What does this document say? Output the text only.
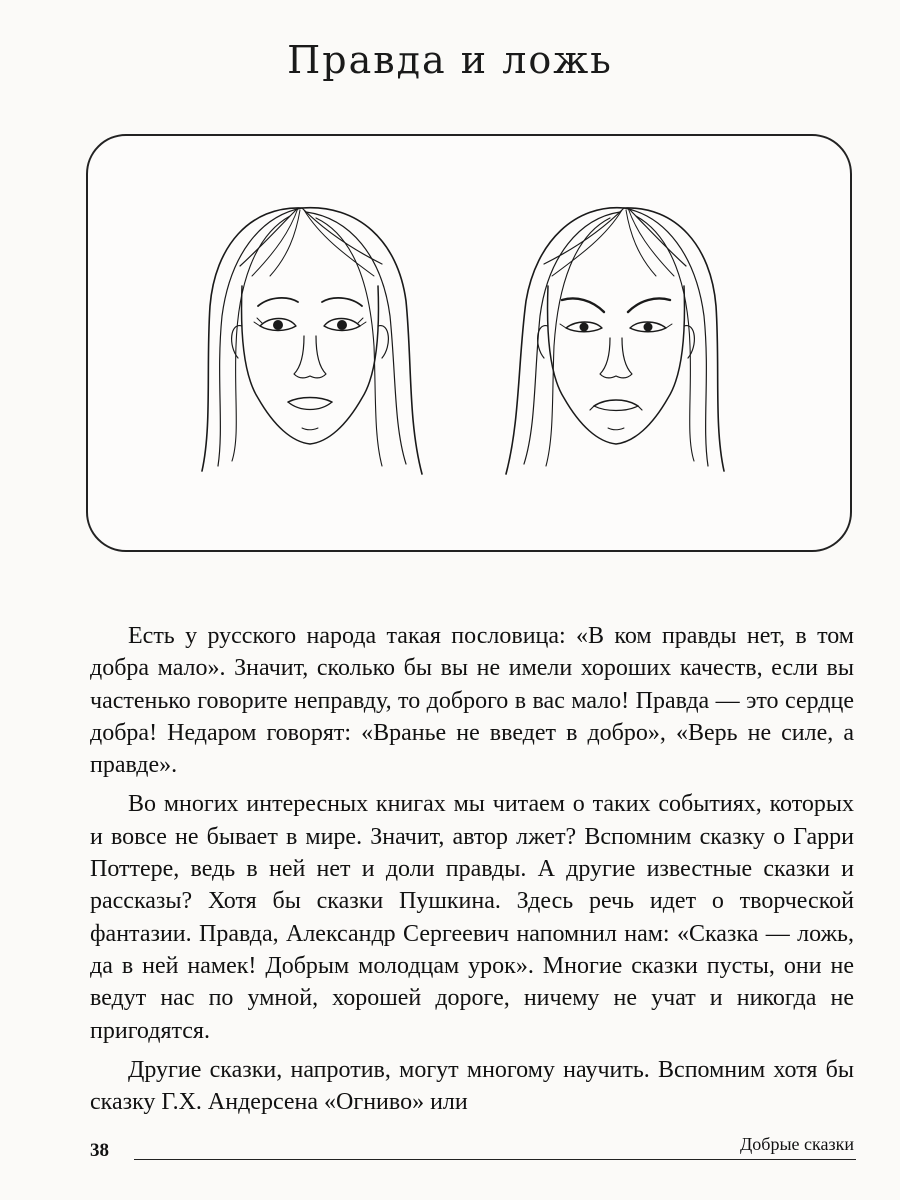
Правда и ложь

Есть у русского народа такая пословица: «В ком правды нет, в том добра мало». Значит, сколько бы вы не имели хороших качеств, если вы частенько говорите неправду, то доброго в вас мало! Правда — это сердце добра! Недаром говорят: «Вранье не введет в добро», «Верь не силе, а правде».

Во многих интересных книгах мы читаем о таких событиях, которых и вовсе не бывает в мире. Значит, автор лжет? Вспомним сказку о Гарри Поттере, ведь в ней нет и доли правды. А другие известные сказки и рассказы? Хотя бы сказки Пушкина. Здесь речь идет о творческой фантазии. Правда, Александр Сергеевич напомнил нам: «Сказка — ложь, да в ней намек! Добрым молодцам урок». Многие сказки пусты, они не ведут нас по умной, хорошей дороге, ничему не учат и никогда не пригодятся.

Другие сказки, напротив, могут многому научить. Вспомним хотя бы сказку Г.Х. Андерсена «Огниво» или

38	Добрые сказки
